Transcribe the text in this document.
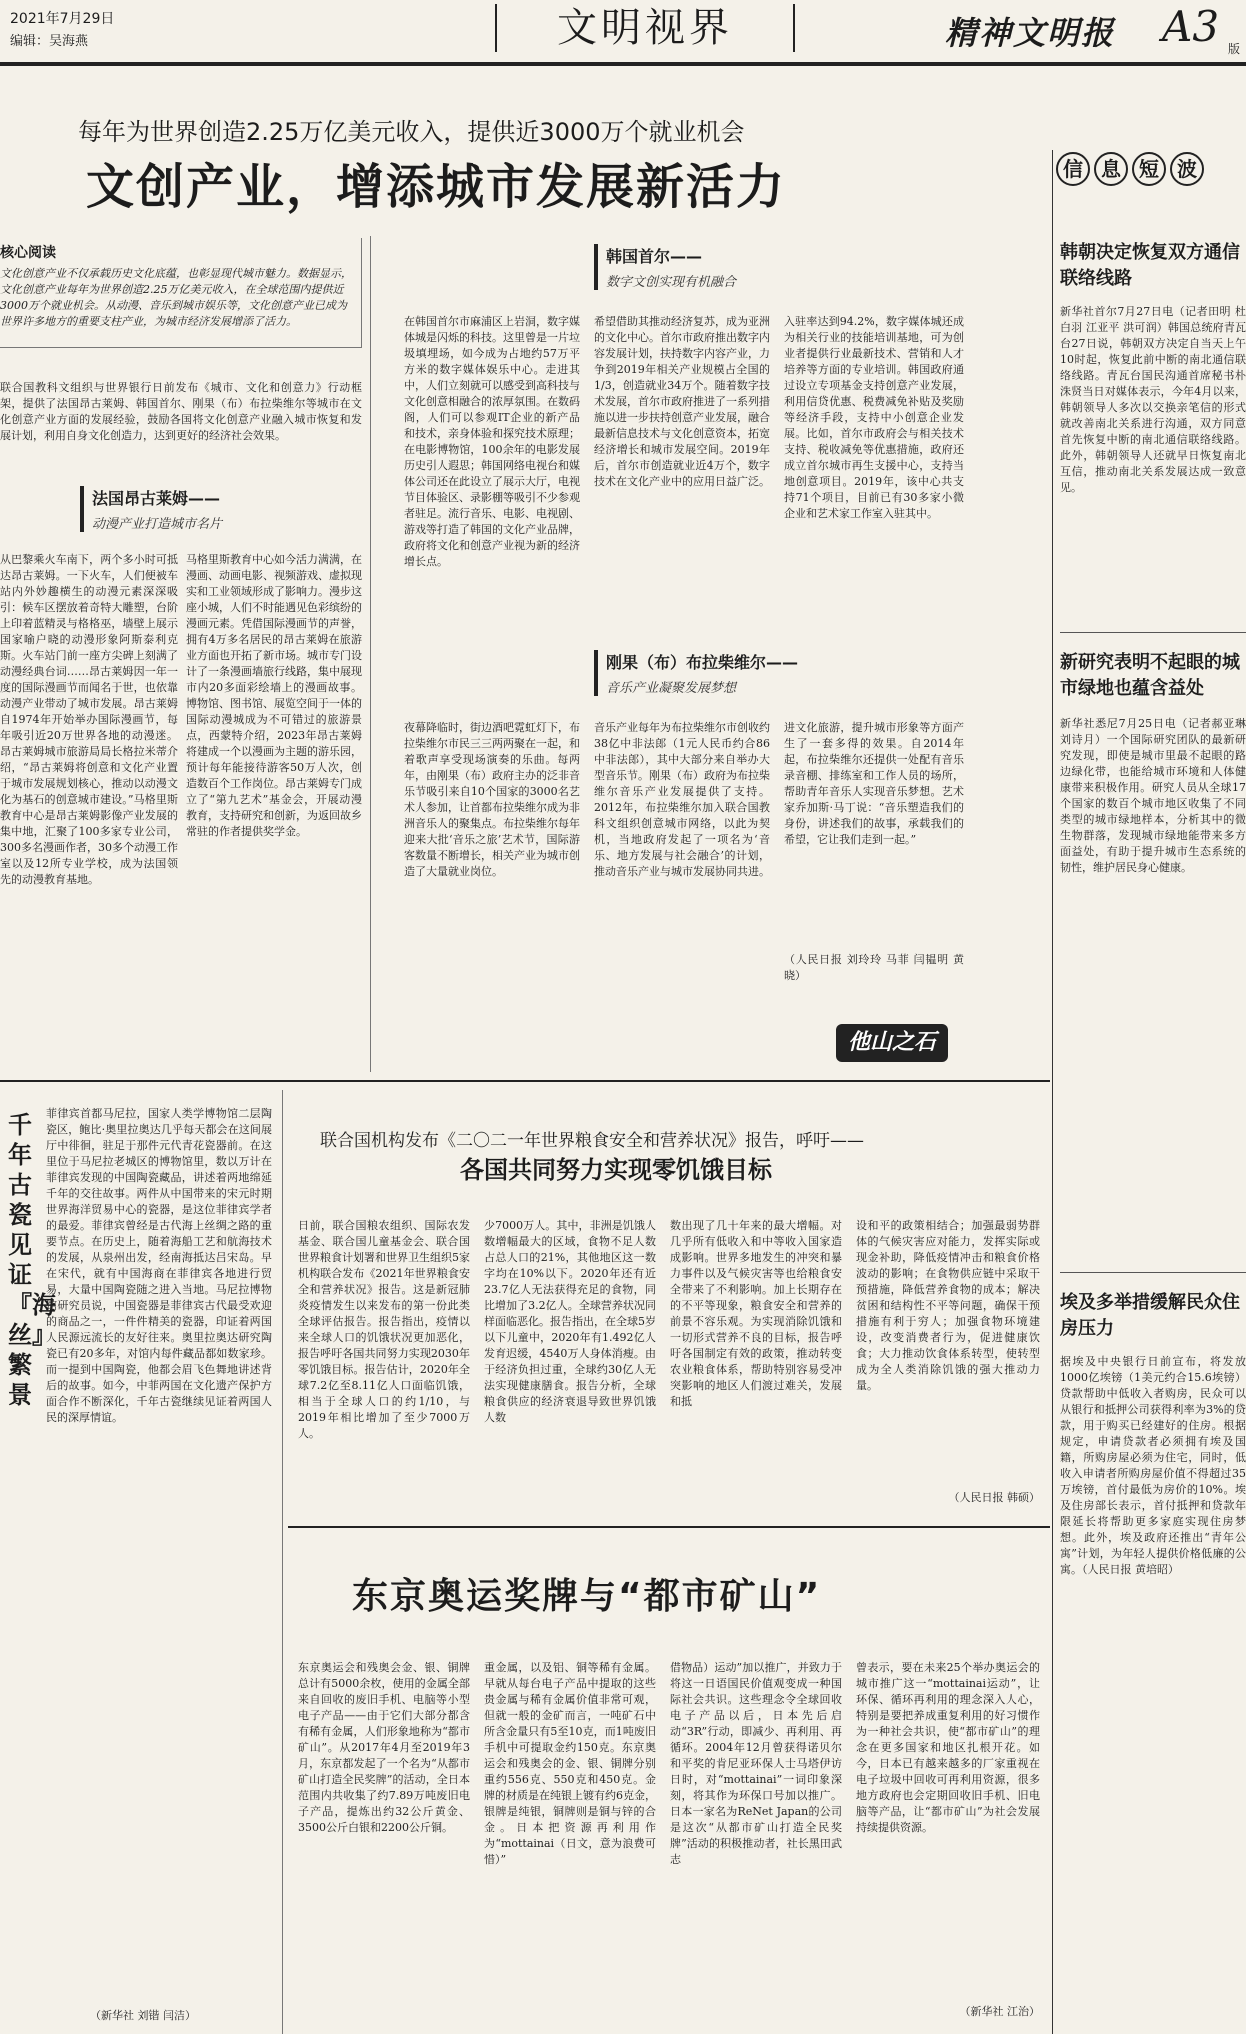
2021年7月29日
编辑：吴海燕	文明视界	精神文明报 A3 版
每年为世界创造2.25万亿美元收入，提供近3000万个就业机会
文创产业，增添城市发展新活力
核心阅读
文化创意产业不仅承载历史文化底蕴，也彰显现代城市魅力。数据显示，文化创意产业每年为世界创造2.25万亿美元收入，在全球范围内提供近3000万个就业机会。从动漫、音乐到城市娱乐等，文化创意产业已成为世界许多地方的重要支柱产业，为城市经济发展增添了活力。
联合国教科文组织与世界银行日前发布《城市、文化和创意力》行动框架，提供了法国昂古莱姆、韩国首尔、刚果（布）布拉柴维尔等城市在文化创意产业方面的发展经验，鼓励各国将文化创意产业融入城市恢复和发展计划，利用自身文化创造力，达到更好的经济社会效果。
法国昂古莱姆——
动漫产业打造城市名片
从巴黎乘火车南下，两个多小时可抵达昂古莱姆。一下火车，人们便被车站内外妙趣横生的动漫元素深深吸引：候车区摆放着奇特大雕塑，台阶上印着蓝精灵与格格巫，墙壁上展示国家喻户晓的动漫形象阿斯泰利克斯。火车站门前一座方尖碑上刻满了动漫经典台词……昂古莱姆因一年一度的国际漫画节而闻名于世，也依靠动漫产业带动了城市发展。昂古莱姆自1974年开始举办国际漫画节，每年吸引近20万世界各地的动漫迷。昂古莱姆城市旅游局局长格拉米蒂介绍，“昂古莱姆将创意和文化产业置于城市发展规划核心，推动以动漫文化为基石的创意城市建设。”马格里斯教育中心是昂古莱姆影像产业发展的集中地，汇聚了100多家专业公司，300多名漫画作者，30多个动漫工作室以及12所专业学校，成为法国领先的动漫教育基地。
马格里斯教育中心如今活力满满，在漫画、动画电影、视频游戏、虚拟现实和工业领域形成了影响力。漫步这座小城，人们不时能遇见色彩缤纷的漫画元素。凭借国际漫画节的声誉，拥有4万多名居民的昂古莱姆在旅游业方面也开拓了新市场。城市专门设计了一条漫画墙旅行线路，集中展现市内20多面彩绘墙上的漫画故事。博物馆、图书馆、展览空间于一体的国际动漫城成为不可错过的旅游景点，西蒙特介绍，2023年昂古莱姆将建成一个以漫画为主题的游乐园，预计每年能接待游客50万人次，创造数百个工作岗位。昂古莱姆专门成立了“第九艺术”基金会，开展动漫教育，支持研究和创新，为返回故乡常驻的作者提供奖学金。
韩国首尔——
数字文创实现有机融合
在韩国首尔市麻浦区上岩洞，数字媒体城是闪烁的科技。这里曾是一片垃圾填埋场，如今成为占地约57万平方米的数字媒体娱乐中心。走进其中，人们立刻就可以感受到高科技与文化创意相融合的浓厚氛围。在数码阁，人们可以参观IT企业的新产品和技术，亲身体验和探究技术原理；在电影博物馆，100余年的电影发展历史引人遐思；韩国网络电视台和媒体公司还在此设立了展示大厅，电视节目体验区、录影棚等吸引不少参观者驻足。流行音乐、电影、电视剧、游戏等打造了韩国的文化产业品牌，政府将文化和创意产业视为新的经济增长点。
希望借助其推动经济复苏，成为亚洲的文化中心。首尔市政府推出数字内容发展计划，扶持数字内容产业，力争到2019年相关产业规模占全国的1/3，创造就业34万个。随着数字技术发展，首尔市政府推进了一系列措施以进一步扶持创意产业发展，融合最新信息技术与文化创意资本，拓宽经济增长和城市发展空间。2019年后，首尔市创造就业近4万个，数字技术在文化产业中的应用日益广泛。
入驻率达到94.2%，数字媒体城还成为相关行业的技能培训基地，可为创业者提供行业最新技术、营销和人才培养等方面的专业培训。韩国政府通过设立专项基金支持创意产业发展，利用信贷优惠、税费减免补贴及奖励等经济手段，支持中小创意企业发展。比如，首尔市政府会与相关技术支持、税收减免等优惠措施，政府还成立首尔城市再生支援中心，支持当地创意项目。2019年，该中心共支持71个项目，目前已有30多家小微企业和艺术家工作室入驻其中。
刚果（布）布拉柴维尔——
音乐产业凝聚发展梦想
夜幕降临时，街边酒吧霓虹灯下，布拉柴维尔市民三三两两聚在一起，和着歌声享受现场演奏的乐曲。每两年，由刚果（布）政府主办的泛非音乐节吸引来自10个国家的3000名艺术人参加，让首都布拉柴维尔成为非洲音乐人的聚集点。布拉柴维尔每年迎来大批‘音乐之旅’艺术节，国际游客数量不断增长，相关产业为城市创造了大量就业岗位。
音乐产业每年为布拉柴维尔市创收约38亿中非法郎（1元人民币约合86中非法郎），其中大部分来自举办大型音乐节。刚果（布）政府为布拉柴维尔音乐产业发展提供了支持。2012年，布拉柴维尔加入联合国教科文组织创意城市网络，以此为契机，当地政府发起了一项名为‘音乐、地方发展与社会融合’的计划，推动音乐产业与城市发展协同共进。
进文化旅游，提升城市形象等方面产生了一套多得的效果。自2014年起，布拉柴维尔还提供一处配有音乐录音棚、排练室和工作人员的场所，帮助青年音乐人实现音乐梦想。艺术家乔加斯·马丁说：“音乐塑造我们的身份，讲述我们的故事，承载我们的希望，它让我们走到一起。”
（人民日报 刘玲玲 马菲 闫韫明 黄晓）
他山之石
信 息 短 波
韩朝决定恢复双方通信联络线路
新华社首尔7月27日电（记者田明 杜白羽 江亚平 洪可润）韩国总统府青瓦台27日说，韩朝双方决定自当天上午10时起，恢复此前中断的南北通信联络线路。青瓦台国民沟通首席秘书朴洙贤当日对媒体表示，今年4月以来，韩朝领导人多次以交换亲笔信的形式就改善南北关系进行沟通，双方同意首先恢复中断的南北通信联络线路。此外，韩朝领导人还就早日恢复南北互信，推动南北关系发展达成一致意见。
新研究表明不起眼的城市绿地也蕴含益处
新华社悉尼7月25日电（记者郝亚琳 刘诗月）一个国际研究团队的最新研究发现，即使是城市里最不起眼的路边绿化带，也能给城市环境和人体健康带来积极作用。研究人员从全球17个国家的数百个城市地区收集了不同类型的城市绿地样本，分析其中的微生物群落，发现城市绿地能带来多方面益处，有助于提升城市生态系统的韧性，维护居民身心健康。
埃及多举措缓解民众住房压力
据埃及中央银行日前宣布，将发放1000亿埃镑（1美元约合15.6埃镑）贷款帮助中低收入者购房，民众可以从银行和抵押公司获得利率为3%的贷款，用于购买已经建好的住房。根据规定，申请贷款者必须拥有埃及国籍，所购房屋必须为住宅，同时，低收入申请者所购房屋价值不得超过35万埃镑，首付最低为房价的10%。埃及住房部长表示，首付抵押和贷款年限延长将帮助更多家庭实现住房梦想。此外，埃及政府还推出“青年公寓”计划，为年轻人提供价格低廉的公寓。（人民日报 黄培昭）
千年古瓷见证『海丝』繁景
菲律宾首都马尼拉，国家人类学博物馆二层陶瓷区，鲍比·奥里拉奥达几乎每天都会在这间展厅中徘徊，驻足于那件元代青花瓷器前。在这里位于马尼拉老城区的博物馆里，数以万计在菲律宾发现的中国陶瓷藏品，讲述着两地绵延千年的交往故事。两件从中国带来的宋元时期世界海洋贸易中心的瓷器，是这位菲律宾学者的最爱。菲律宾曾经是古代海上丝绸之路的重要节点。在历史上，随着海船工艺和航海技术的发展，从泉州出发，经南海抵达吕宋岛。早在宋代，就有中国海商在菲律宾各地进行贸易，大量中国陶瓷随之进入当地。马尼拉博物馆研究员说，中国瓷器是菲律宾古代最受欢迎的商品之一，一件件精美的瓷器，印证着两国人民源远流长的友好往来。奥里拉奥达研究陶瓷已有20多年，对馆内每件藏品都如数家珍。而一提到中国陶瓷，他都会眉飞色舞地讲述背后的故事。如今，中菲两国在文化遗产保护方面合作不断深化，千年古瓷继续见证着两国人民的深厚情谊。
（新华社 刘锴 闫洁）
联合国机构发布《二〇二一年世界粮食安全和营养状况》报告，呼吁——
各国共同努力实现零饥饿目标
日前，联合国粮农组织、国际农发基金、联合国儿童基金会、联合国世界粮食计划署和世界卫生组织5家机构联合发布《2021年世界粮食安全和营养状况》报告。这是新冠肺炎疫情发生以来发布的第一份此类全球评估报告。报告指出，疫情以来全球人口的饥饿状况更加恶化，报告呼吁各国共同努力实现2030年零饥饿目标。报告估计，2020年全球7.2亿至8.11亿人口面临饥饿，相当于全球人口的约1/10，与2019年相比增加了至少7000万人。
少7000万人。其中，非洲是饥饿人数增幅最大的区域，食物不足人数占总人口的21%，其他地区这一数字均在10%以下。2020年还有近23.7亿人无法获得充足的食物，同比增加了3.2亿人。全球营养状况同样面临恶化。报告指出，在全球5岁以下儿童中，2020年有1.492亿人发育迟缓，4540万人身体消瘦。由于经济负担过重，全球约30亿人无法实现健康膳食。报告分析，全球粮食供应的经济衰退导致世界饥饿人数
数出现了几十年来的最大增幅。对几乎所有低收入和中等收入国家造成影响。世界多地发生的冲突和暴力事件以及气候灾害等也给粮食安全带来了不利影响。加上长期存在的不平等现象，粮食安全和营养的前景不容乐观。为实现消除饥饿和一切形式营养不良的目标，报告呼吁各国制定有效的政策，推动转变农业粮食体系，帮助特别容易受冲突影响的地区人们渡过难关，发展和抵
设和平的政策相结合；加强最弱势群体的气候灾害应对能力，发挥实际或现金补助，降低疫情冲击和粮食价格波动的影响；在食物供应链中采取干预措施，降低营养食物的成本；解决贫困和结构性不平等问题，确保干预措施有利于穷人；加强食物环境建设，改变消费者行为，促进健康饮食；大力推动饮食体系转型，使转型成为全人类消除饥饿的强大推动力量。
（人民日报 韩硕）
东京奥运奖牌与“都市矿山”
东京奥运会和残奥会金、银、铜牌总计有5000余枚，使用的金属全部来自回收的废旧手机、电脑等小型电子产品——由于它们大部分都含有稀有金属，人们形象地称为“都市矿山”。从2017年4月至2019年3月，东京都发起了一个名为“从都市矿山打造全民奖牌”的活动，全日本范围内共收集了约7.89万吨废旧电子产品，提炼出约32公斤黄金、3500公斤白银和2200公斤铜。
重金属，以及铝、铜等稀有金属。早就从每台电子产品中提取的这些贵金属与稀有金属价值非常可观，但就一般的金矿而言，一吨矿石中所含金量只有5至10克，而1吨废旧手机中可提取金约150克。东京奥运会和残奥会的金、银、铜牌分别重约556克、550克和450克。金牌的材质是在纯银上镀有约6克金，银牌是纯银，铜牌则是铜与锌的合金。日本把资源再利用作为“mottainai（日文，意为浪费可惜）”
借物品）运动”加以推广，并致力于将这一日语国民价值观变成一种国际社会共识。这些理念令全球回收电子产品以后，日本先后启动“3R”行动，即减少、再利用、再循环。2004年12月曾获得诺贝尔和平奖的肯尼亚环保人士马塔伊访日时，对“mottainai”一词印象深刻，将其作为环保口号加以推广。日本一家名为ReNet Japan的公司是这次“从都市矿山打造全民奖牌”活动的积极推动者，社长黑田武志
曾表示，要在未来25个举办奥运会的城市推广这一“mottainai运动”，让环保、循环再利用的理念深入人心，特别是要把养成重复利用的好习惯作为一种社会共识，使“都市矿山”的理念在更多国家和地区扎根开花。如今，日本已有越来越多的厂家重视在电子垃圾中回收可再利用资源，很多地方政府也会定期回收旧手机、旧电脑等产品，让“都市矿山”为社会发展持续提供资源。
（新华社 江治）
